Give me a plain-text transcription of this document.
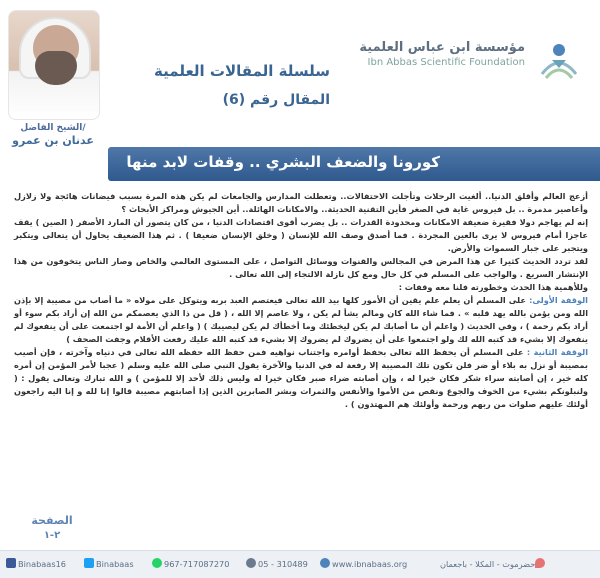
الشيخ الفاضل/
عدنان بن عمرو
سلسلة المقالات العلمية
المقال رقم (6)
مؤسسة ابن عباس العلمية
Ibn Abbas Scientific Foundation
كورونا والضعف البشري .. وقفات لابد منها

أزعج العالم وأقلق الدنيا.. ألغيت الرحلات وتأجلت الاحتفالات.. وتعطلت المدارس والجامعات لم يكن هذه المرة بسبب فيضانات هائجة ولا زلازل وأعاصير مدمرة .. بل فيروس غاية في الصغر فأين التقنية الحديثة.. والامكانات الهائلة.. أين الجيوش ومراكز الأبحاث ؟

إنه لم يهاجم دولا فقيرة ضعيفة الامكانات ومحدودة القدرات .. بل يضرب أقوى اقتصادات الدنيا ، من كان يتصور أن المارد الأصفر ( الصين ) يقف عاجزا أمام فيروس لا يرى بالعين المجردة . فما أصدق وصف الله للإنسان ( وخلق الإنسان ضعيفا ) . ثم هذا الضعيف يحاول أن يتعالى ويتكبر ويتجبر على جبار السموات والأرض.

لقد تردد الحديث كثيرا عن هذا المرض في المجالس والقنوات ووسائل التواصل ، على المستوى العالمي والخاص وصار الناس يتخوفون من هذا الإنتشار السريع . والواجب على المسلم في كل حال ومع كل نازلة الالتجاء إلى الله تعالى .

وللأهمية هذا الحدث وخطورته فلنا معه وقفات :

الوقفة الأولى: على المسلم أن يعلم علم يقين أن الأمور كلها بيد الله تعالى فيعتصم العبد بربه ويتوكل على مولاه « ما أصاب من مصيبة إلا بإذن الله ومن يؤمن بالله يهد قلبه » . فما شاء الله كان ومالم يشأ لم يكن ، ولا عاصم إلا الله ، ( قل من ذا الذي يعصمكم من الله إن أراد بكم سوء أو أراد بكم رحمة ) ، وفي الحديث ( واعلم أن ما أصابك لم يكن ليخطئك وما أخطأك لم يكن ليصيبك ) ( واعلم أن الأمة لو اجتمعت على أن ينفعوك لم ينفعوك إلا بشيء قد كتبه الله لك ولو اجتمعوا على أن يضروك لم يضروك إلا بشيء قد كتبه الله عليك رفعت الأقلام وجفت الصحف )

الوقفة الثانية : على المسلم أن يحفظ الله تعالى بحفظ أوامره واجتناب نواهيه فمن حفظ الله حفظه الله تعالى في دنياه وآخرته ، فإن أصيب بمصيبة أو نزل به بلاء أو ضر فلن تكون تلك المصيبة إلا رفعة له في الدنيا والآخرة يقول النبي صلى الله عليه وسلم ( عجبا لأمر المؤمن إن أمره كله خير ، إن أصابته سراء شكر فكان خيرا له ، وإن أصابته ضراء صبر فكان خيرا له وليس ذلك لأحد إلا للمؤمن ) و الله تبارك وتعالى يقول : ( ولنبلونكم بشيء من الخوف والجوع ونقص من الأموا والأنفس والثمرات وبشر الصابرين الذين إذا أصابتهم مصيبة قالوا إنا لله و إنا اليه راجعون أولئك عليهم صلوات من ربهم ورحمة وأولئك هم المهتدون ) .

الصفحة
٢-١
Binabaas16	Binabaas	967-717087270	05 - 310489	www.ibnabaas.org	حضرموت - المكلا - باجعمان
